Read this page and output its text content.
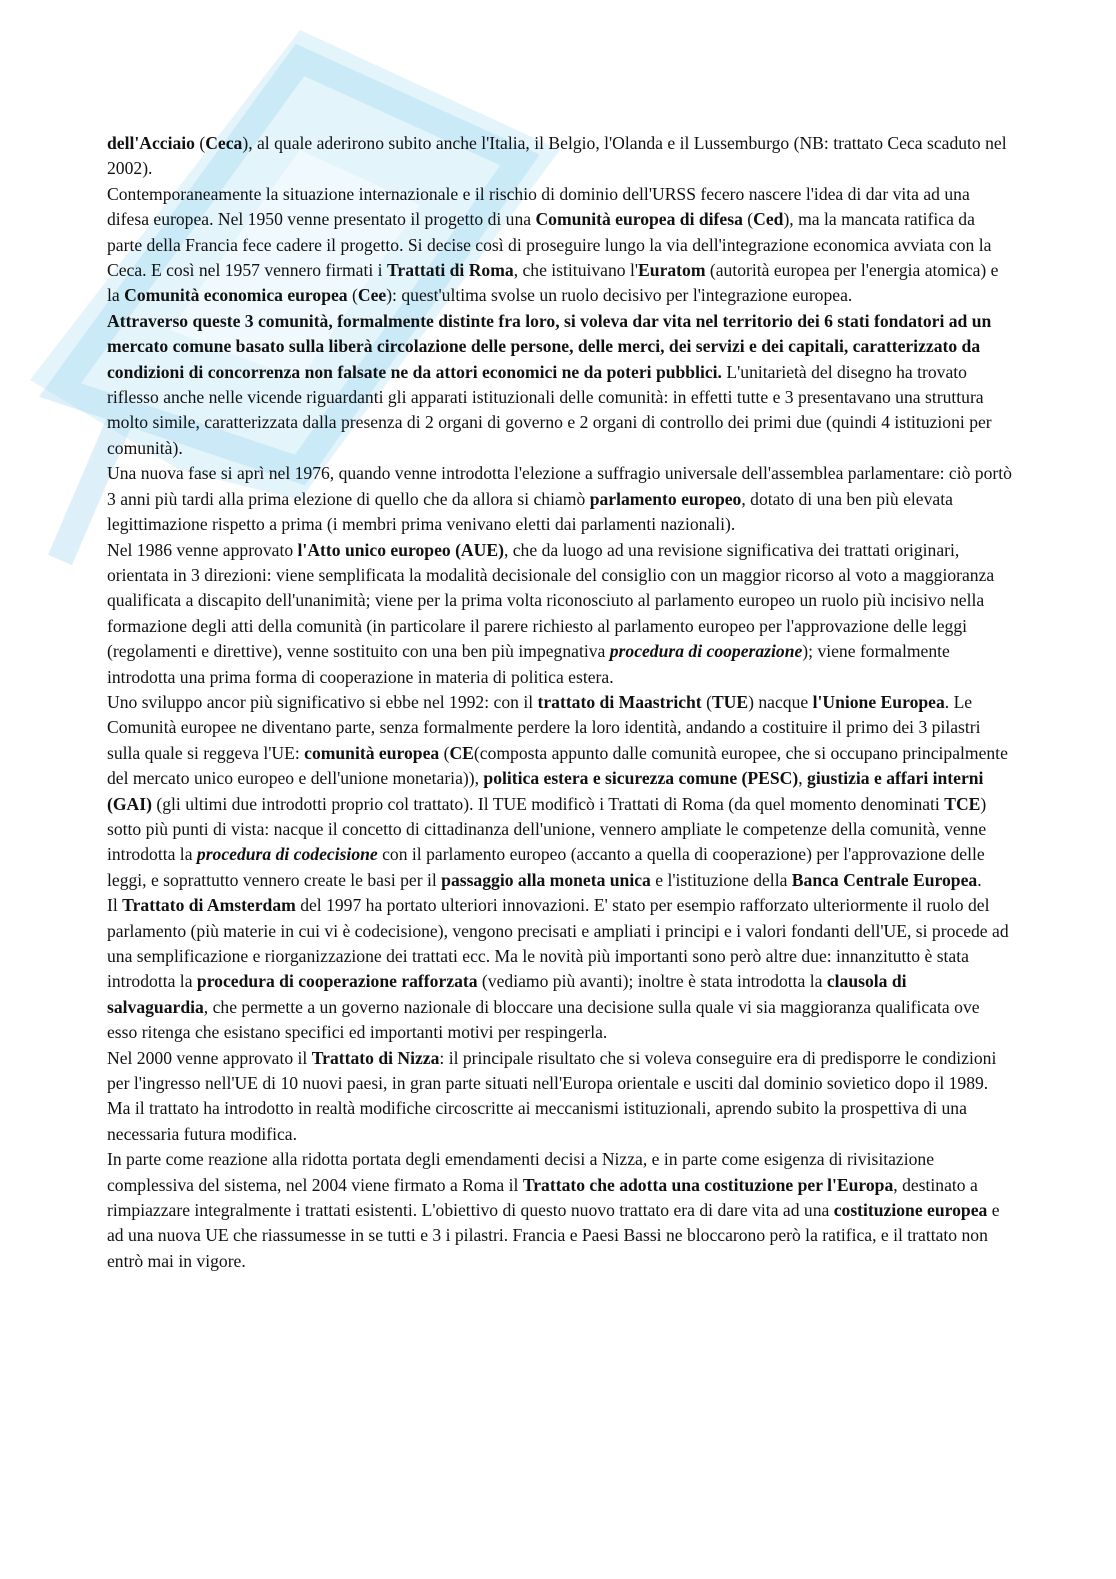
dell'Acciaio (Ceca), al quale aderirono subito anche l'Italia, il Belgio, l'Olanda e il Lussemburgo (NB: trattato Ceca scaduto nel 2002).

Contemporaneamente la situazione internazionale e il rischio di dominio dell'URSS fecero nascere l'idea di dar vita ad una difesa europea. Nel 1950 venne presentato il progetto di una Comunità europea di difesa (Ced), ma la mancata ratifica da parte della Francia fece cadere il progetto. Si decise così di proseguire lungo la via dell'integrazione economica avviata con la Ceca. E così nel 1957 vennero firmati i Trattati di Roma, che istituivano l'Euratom (autorità europea per l'energia atomica) e la Comunità economica europea (Cee): quest'ultima svolse un ruolo decisivo per l'integrazione europea.

Attraverso queste 3 comunità, formalmente distinte fra loro, si voleva dar vita nel territorio dei 6 stati fondatori ad un mercato comune basato sulla liberà circolazione delle persone, delle merci, dei servizi e dei capitali, caratterizzato da condizioni di concorrenza non falsate ne da attori economici ne da poteri pubblici. L'unitarietà del disegno ha trovato riflesso anche nelle vicende riguardanti gli apparati istituzionali delle comunità: in effetti tutte e 3 presentavano una struttura molto simile, caratterizzata dalla presenza di 2 organi di governo e 2 organi di controllo dei primi due (quindi 4 istituzioni per comunità).

Una nuova fase si aprì nel 1976, quando venne introdotta l'elezione a suffragio universale dell'assemblea parlamentare: ciò portò 3 anni più tardi alla prima elezione di quello che da allora si chiamò parlamento europeo, dotato di una ben più elevata legittimazione rispetto a prima (i membri prima venivano eletti dai parlamenti nazionali).

Nel 1986 venne approvato l'Atto unico europeo (AUE), che da luogo ad una revisione significativa dei trattati originari, orientata in 3 direzioni: viene semplificata la modalità decisionale del consiglio con un maggior ricorso al voto a maggioranza qualificata a discapito dell'unanimità; viene per la prima volta riconosciuto al parlamento europeo un ruolo più incisivo nella formazione degli atti della comunità (in particolare il parere richiesto al parlamento europeo per l'approvazione delle leggi (regolamenti e direttive), venne sostituito con una ben più impegnativa procedura di cooperazione); viene formalmente introdotta una prima forma di cooperazione in materia di politica estera.

Uno sviluppo ancor più significativo si ebbe nel 1992: con il trattato di Maastricht (TUE) nacque l'Unione Europea. Le Comunità europee ne diventano parte, senza formalmente perdere la loro identità, andando a costituire il primo dei 3 pilastri sulla quale si reggeva l'UE: comunità europea (CE(composta appunto dalle comunità europee, che si occupano principalmente del mercato unico europeo e dell'unione monetaria)), politica estera e sicurezza comune (PESC), giustizia e affari interni (GAI) (gli ultimi due introdotti proprio col trattato). Il TUE modificò i Trattati di Roma (da quel momento denominati TCE) sotto più punti di vista: nacque il concetto di cittadinanza dell'unione, vennero ampliate le competenze della comunità, venne introdotta la procedura di codecisione con il parlamento europeo (accanto a quella di cooperazione) per l'approvazione delle leggi, e soprattutto vennero create le basi per il passaggio alla moneta unica e l'istituzione della Banca Centrale Europea.

Il Trattato di Amsterdam del 1997 ha portato ulteriori innovazioni. E' stato per esempio rafforzato ulteriormente il ruolo del parlamento (più materie in cui vi è codecisione), vengono precisati e ampliati i principi e i valori fondanti dell'UE, si procede ad una semplificazione e riorganizzazione dei trattati ecc. Ma le novità più importanti sono però altre due: innanzitutto è stata introdotta la procedura di cooperazione rafforzata (vediamo più avanti); inoltre è stata introdotta la clausola di salvaguardia, che permette a un governo nazionale di bloccare una decisione sulla quale vi sia maggioranza qualificata ove esso ritenga che esistano specifici ed importanti motivi per respingerla.

Nel 2000 venne approvato il Trattato di Nizza: il principale risultato che si voleva conseguire era di predisporre le condizioni per l'ingresso nell'UE di 10 nuovi paesi, in gran parte situati nell'Europa orientale e usciti dal dominio sovietico dopo il 1989. Ma il trattato ha introdotto in realtà modifiche circoscritte ai meccanismi istituzionali, aprendo subito la prospettiva di una necessaria futura modifica.

In parte come reazione alla ridotta portata degli emendamenti decisi a Nizza, e in parte come esigenza di rivisitazione complessiva del sistema, nel 2004 viene firmato a Roma il Trattato che adotta una costituzione per l'Europa, destinato a rimpiazzare integralmente i trattati esistenti. L'obiettivo di questo nuovo trattato era di dare vita ad una costituzione europea e ad una nuova UE che riassumesse in se tutti e 3 i pilastri. Francia e Paesi Bassi ne bloccarono però la ratifica, e il trattato non entrò mai in vigore.
